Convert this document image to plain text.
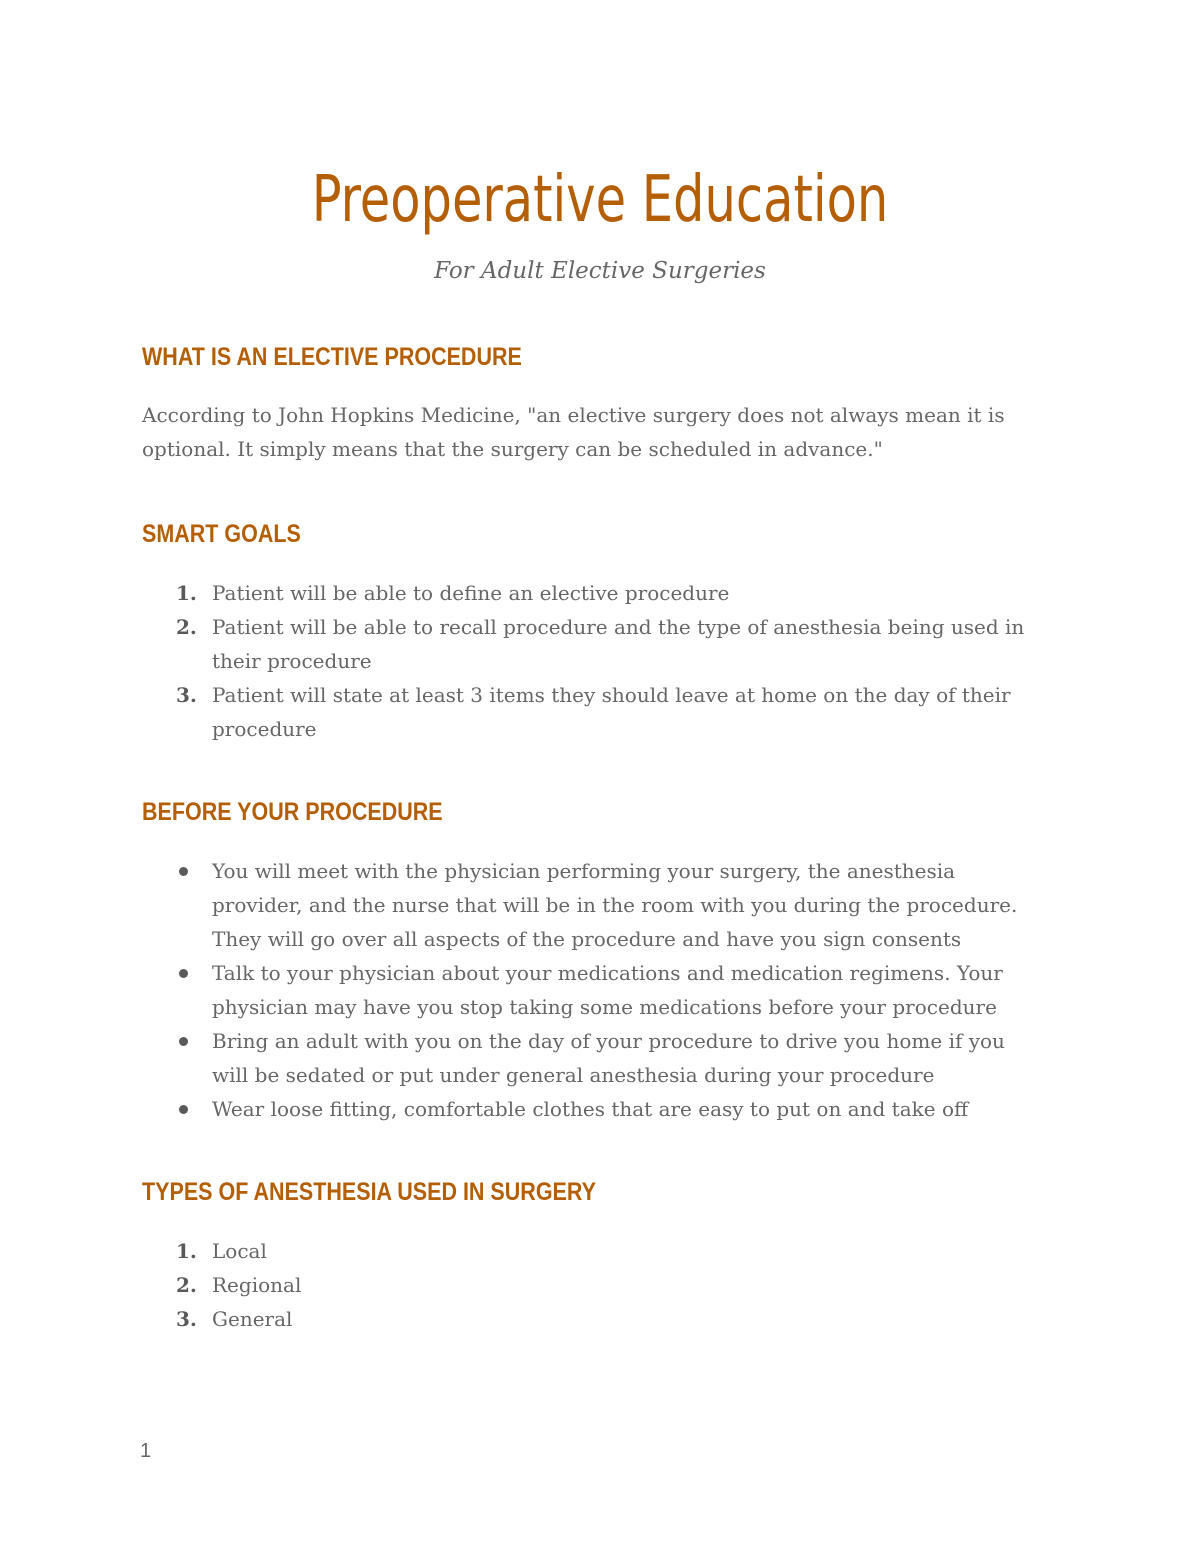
Preoperative Education

For Adult Elective Surgeries

WHAT IS AN ELECTIVE PROCEDURE

According to John Hopkins Medicine, "an elective surgery does not always mean it is optional. It simply means that the surgery can be scheduled in advance."

SMART GOALS
1. Patient will be able to define an elective procedure
2. Patient will be able to recall procedure and the type of anesthesia being used in their procedure
3. Patient will state at least 3 items they should leave at home on the day of their procedure
BEFORE YOUR PROCEDURE
You will meet with the physician performing your surgery, the anesthesia provider, and the nurse that will be in the room with you during the procedure. They will go over all aspects of the procedure and have you sign consents
Talk to your physician about your medications and medication regimens. Your physician may have you stop taking some medications before your procedure
Bring an adult with you on the day of your procedure to drive you home if you will be sedated or put under general anesthesia during your procedure
Wear loose fitting, comfortable clothes that are easy to put on and take off
TYPES OF ANESTHESIA USED IN SURGERY
1. Local
2. Regional
3. General

1
